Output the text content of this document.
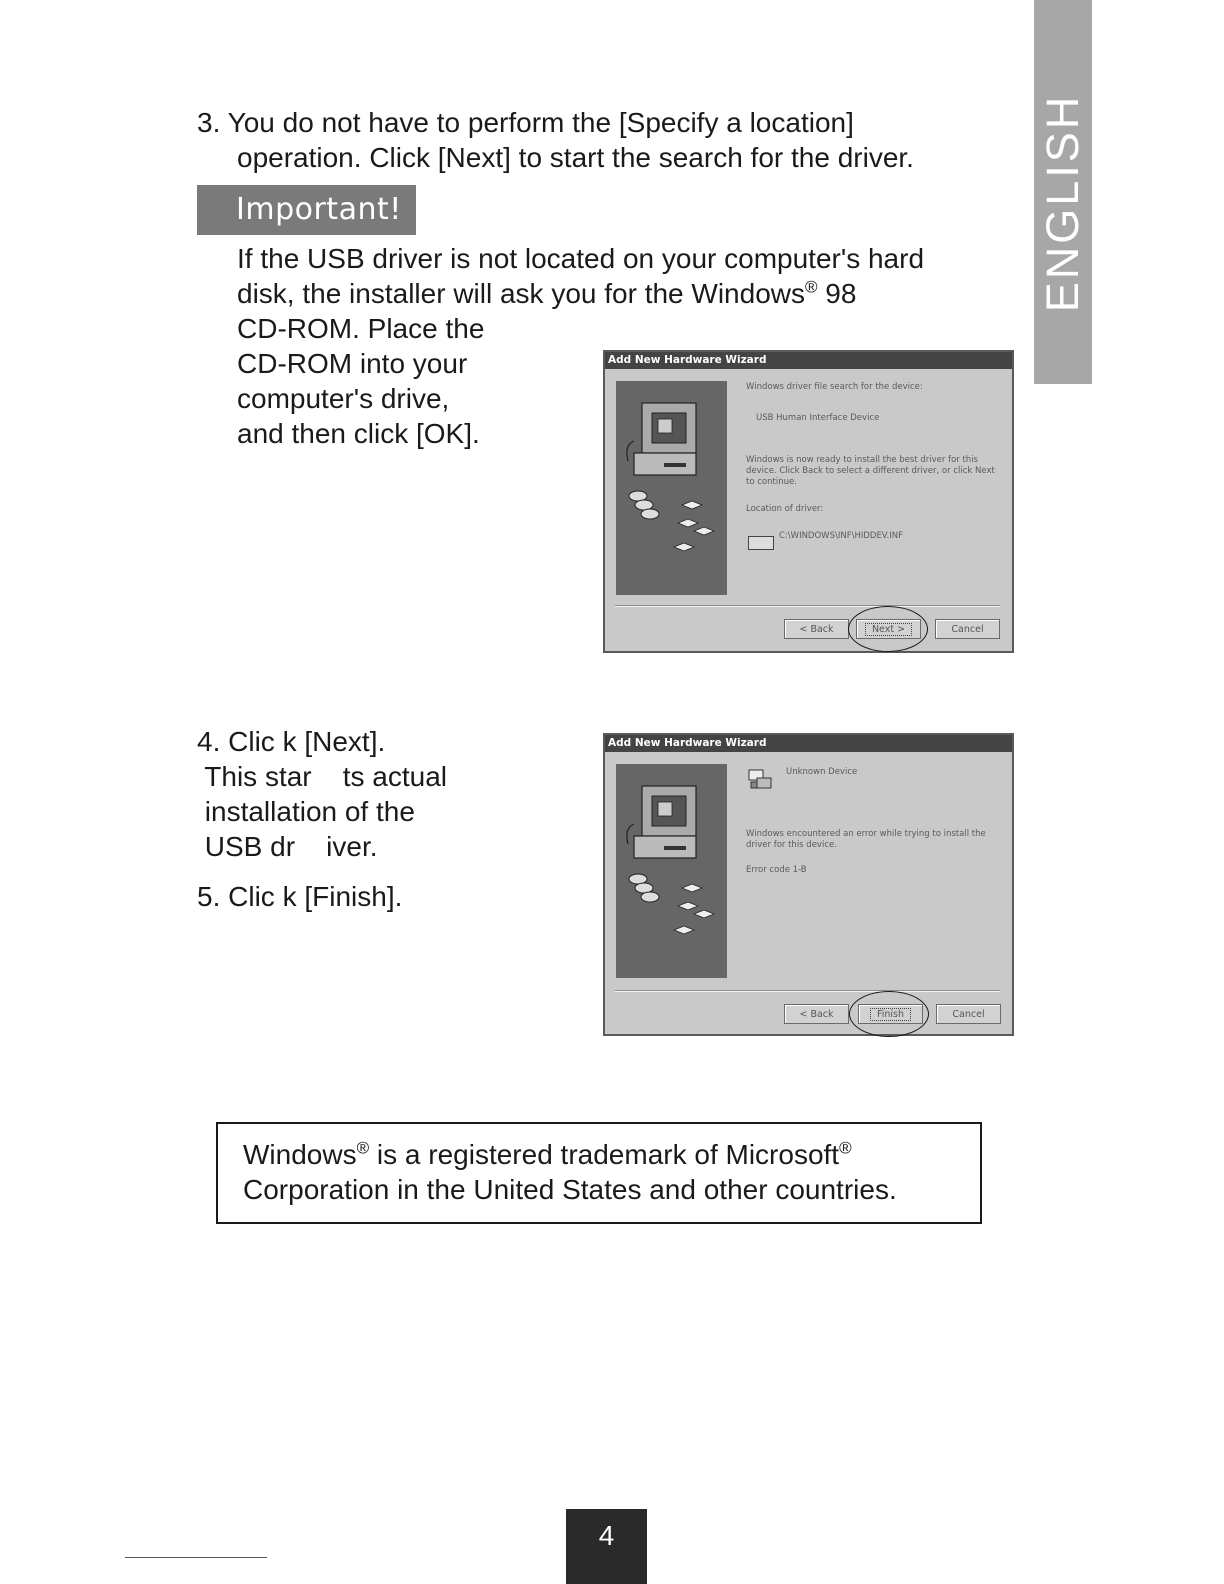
ENGLISH
3. You do not have to perform the [Specify a location]
operation. Click [Next] to start the search for the driver.
Important!
If the USB driver is not located on your computer's hard
disk, the installer will ask you for the Windows® 98
CD-ROM. Place the
CD-ROM into your
computer's drive,
and then click [OK].
Add New Hardware Wizard
Windows driver file search for the device:
USB Human Interface Device
Windows is now ready to install the best driver for this
device. Click Back to select a different driver, or click Next
to continue.
Location of driver:
C:\WINDOWS\INF\HIDDEV.INF
< Back	Next >	Cancel
4. Clic k [Next].
This star    ts actual
installation of the
USB dr    iver.
5. Clic k [Finish].
Add New Hardware Wizard
Unknown Device
Windows encountered an error while trying to install the
driver for this device.
Error code 1-B
< Back	Finish	Cancel
Windows® is a registered trademark of Microsoft®
Corporation in the United States and other countries.
4
